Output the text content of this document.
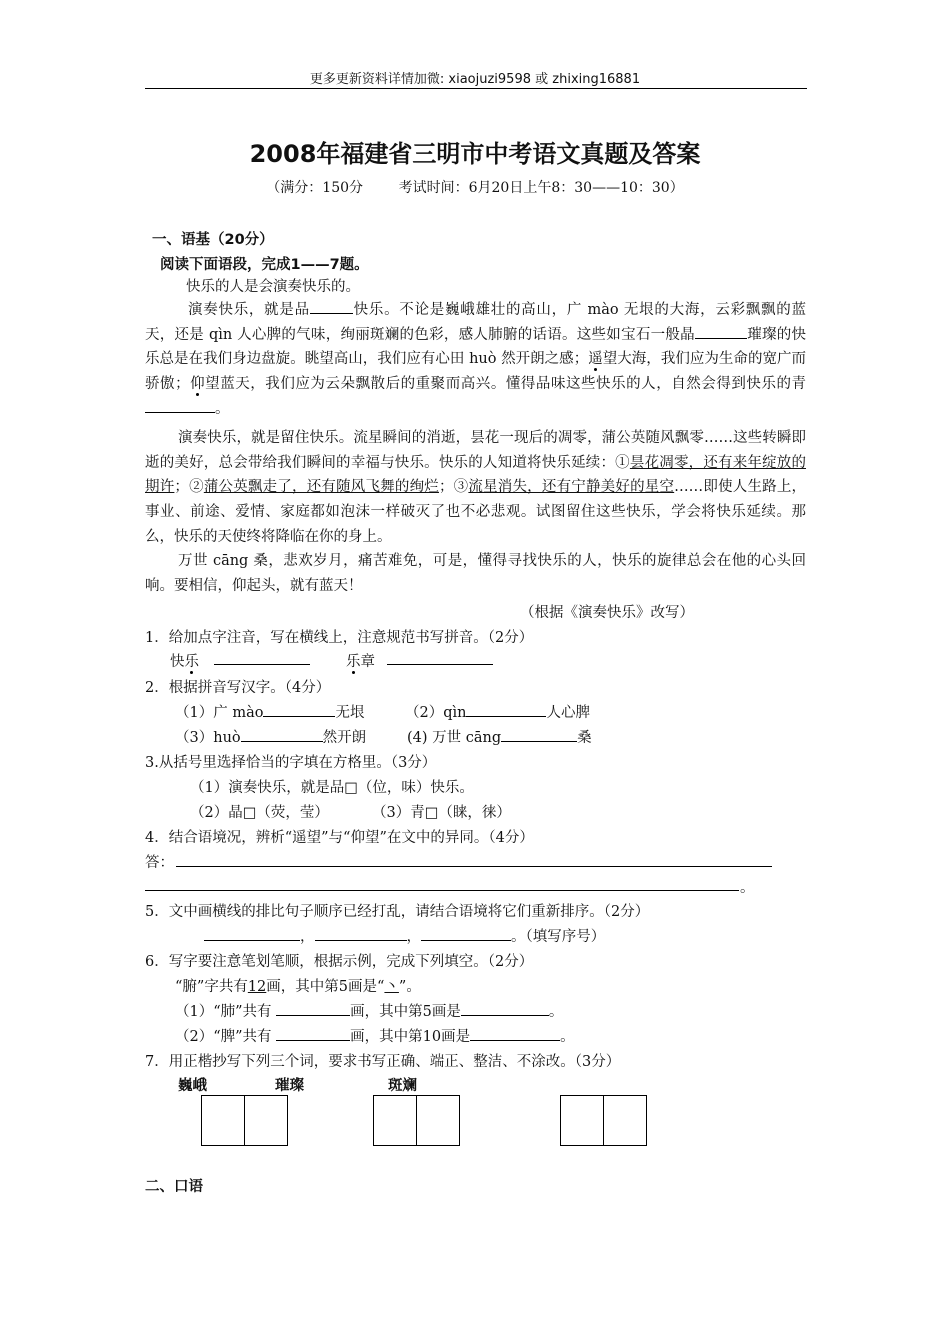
更多更新资料详情加微: xiaojuzi9598 或 zhixing16881
2008年福建省三明市中考语文真题及答案
（满分：150分        考试时间：6月20日上午8：30——10：30）
一、语基（20分）
阅读下面语段，完成1——7题。
快乐的人是会演奏快乐的。
演奏快乐，就是品	快乐。不论是巍峨雄壮的高山，广 mào 无垠的大海，云彩飘飘的蓝天，还是 qìn 人心脾的气味，绚丽斑斓的色彩，感人肺腑的话语。这些如宝石一般晶	璀璨的快乐总是在我们身边盘旋。眺望高山，我们应有心田 huò 然开朗之感；遥望大海，我们应为生命的宽广而骄傲；仰望蓝天，我们应为云朵飘散后的重聚而高兴。懂得品味这些快乐的人，自然会得到快乐的青。
演奏快乐，就是留住快乐。流星瞬间的消逝，昙花一现后的凋零，蒲公英随风飘零……这些转瞬即逝的美好，总会带给我们瞬间的幸福与快乐。快乐的人知道将快乐延续：①昙花凋零，还有来年绽放的期许；②蒲公英飘走了，还有随风飞舞的绚烂；③流星消失，还有宁静美好的星空……即使人生路上，事业、前途、爱情、家庭都如泡沫一样破灭了也不必悲观。试图留住这些快乐，学会将快乐延续。那么，快乐的天使终将降临在你的身上。
万世 cāng 桑，悲欢岁月，痛苦难免，可是，懂得寻找快乐的人，快乐的旋律总会在他的心头回响。要相信，仰起头，就有蓝天！
（根据《演奏快乐》改写）
1．给加点字注音，写在横线上，注意规范书写拼音。（2分）
快乐	乐章
2．根据拼音写汉字。（4分）
（1）广 mào	无垠	（2）qìn	人心脾
（3）huò	然开朗	(4) 万世 cāng	桑
3.从括号里选择恰当的字填在方格里。（3分）
（1）演奏快乐，就是品□（位，味）快乐。
（2）晶□（荧，莹）	（3）青□（睐，徕）
4．结合语境况，辨析“遥望”与“仰望”在文中的异同。（4分）
答：
。
5．文中画横线的排比句子顺序已经打乱，请结合语境将它们重新排序。（2分）
，	，	。（填写序号）
6．写字要注意笔划笔顺，根据示例，完成下列填空。（2分）
“腑”字共有12画，其中第5画是“丶”。
（1）“肺”共有	画，其中第5画是	。
（2）“脾”共有	画，其中第10画是	。
7．用正楷抄写下列三个词，要求书写正确、端正、整洁、不涂改。（3分）
巍峨	璀璨	斑斓
二、口语
